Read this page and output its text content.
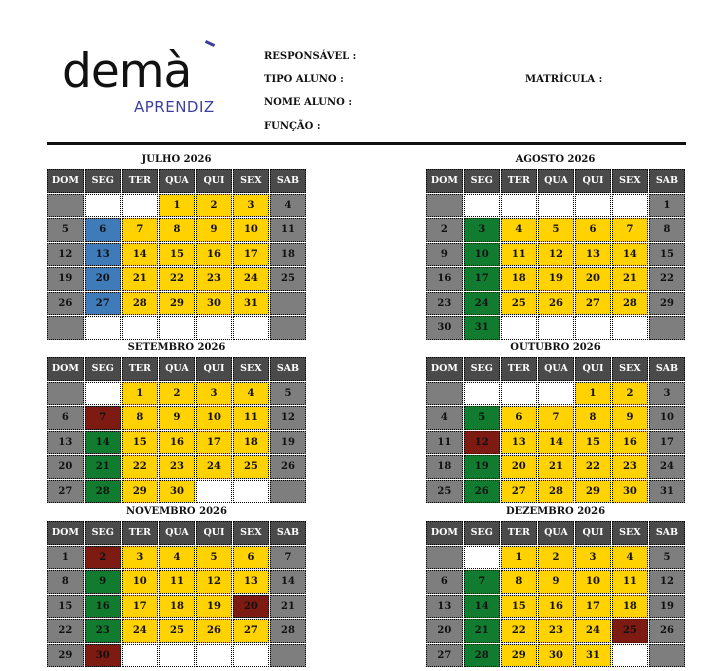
demà
APRENDIZ
RESPONSÁVEL :
TIPO ALUNO :	MATRÍCULA :
NOME ALUNO :
FUNÇÃO :
JULHO 2026
DOM	SEG	TER	QUA	QUI	SEX	SAB
			1	2	3	4
5	6	7	8	9	10	11
12	13	14	15	16	17	18
19	20	21	22	23	24	25
26	27	28	29	30	31	

AGOSTO 2026
DOM	SEG	TER	QUA	QUI	SEX	SAB
						1
2	3	4	5	6	7	8
9	10	11	12	13	14	15
16	17	18	19	20	21	22
23	24	25	26	27	28	29
30	31					
SETEMBRO 2026
DOM	SEG	TER	QUA	QUI	SEX	SAB
		1	2	3	4	5
6	7	8	9	10	11	12
13	14	15	16	17	18	19
20	21	22	23	24	25	26
27	28	29	30			
OUTUBRO 2026
DOM	SEG	TER	QUA	QUI	SEX	SAB
				1	2	3
4	5	6	7	8	9	10
11	12	13	14	15	16	17
18	19	20	21	22	23	24
25	26	27	28	29	30	31
NOVEMBRO 2026
DOM	SEG	TER	QUA	QUI	SEX	SAB
1	2	3	4	5	6	7
8	9	10	11	12	13	14
15	16	17	18	19	20	21
22	23	24	25	26	27	28
29	30					
DEZEMBRO 2026
DOM	SEG	TER	QUA	QUI	SEX	SAB
		1	2	3	4	5
6	7	8	9	10	11	12
13	14	15	16	17	18	19
20	21	22	23	24	25	26
27	28	29	30	31		
